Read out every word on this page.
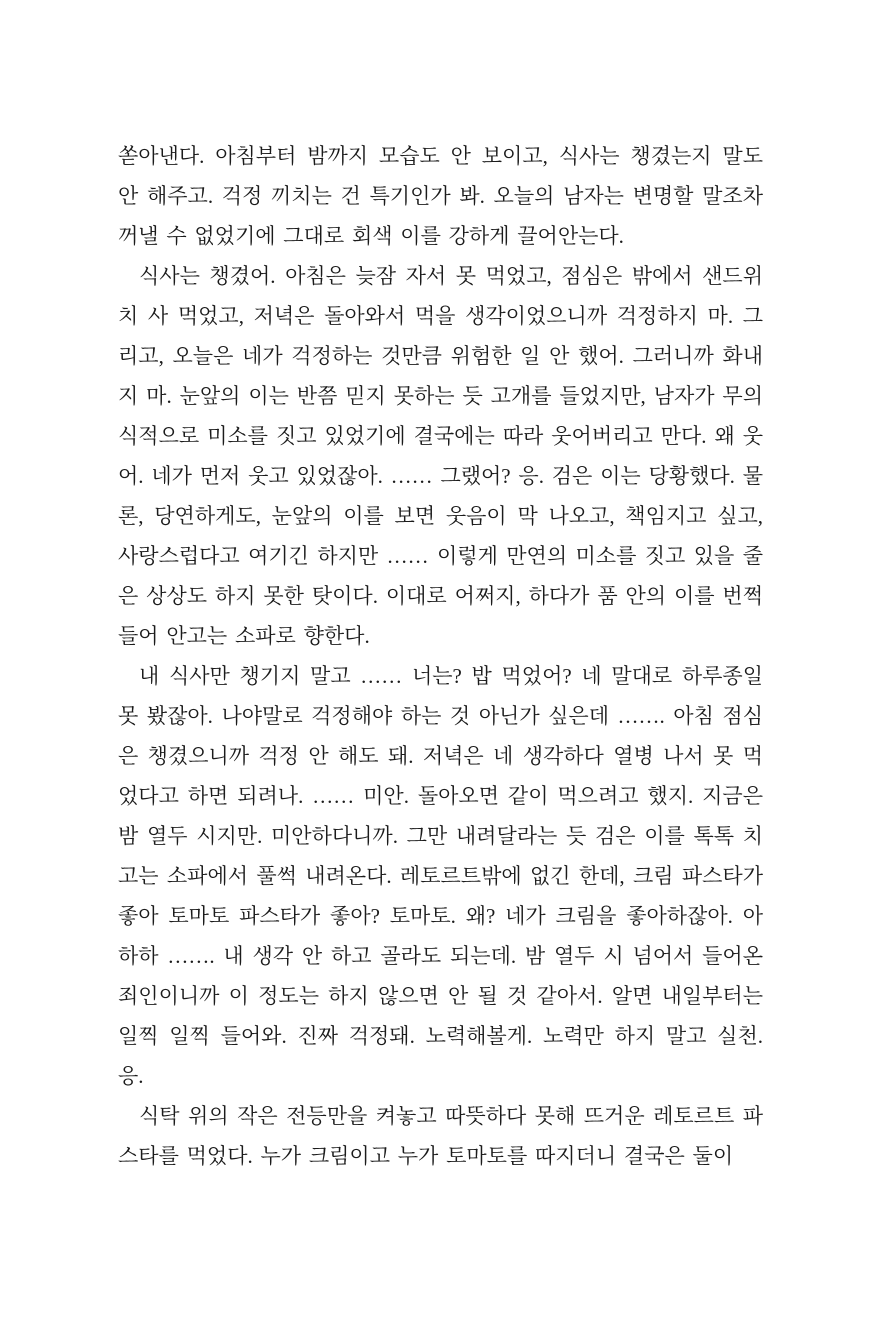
쏟아낸다. 아침부터 밤까지 모습도 안 보이고, 식사는 챙겼는지 말도 안 해주고. 걱정 끼치는 건 특기인가 봐. 오늘의 남자는 변명할 말조차 꺼낼 수 없었기에 그대로 회색 이를 강하게 끌어안는다.

식사는 챙겼어. 아침은 늦잠 자서 못 먹었고, 점심은 밖에서 샌드위치 사 먹었고, 저녁은 돌아와서 먹을 생각이었으니까 걱정하지 마. 그리고, 오늘은 네가 걱정하는 것만큼 위험한 일 안 했어. 그러니까 화내지 마. 눈앞의 이는 반쯤 믿지 못하는 듯 고개를 들었지만, 남자가 무의식적으로 미소를 짓고 있었기에 결국에는 따라 웃어버리고 만다. 왜 웃어. 네가 먼저 웃고 있었잖아. …… 그랬어? 응. 검은 이는 당황했다. 물론, 당연하게도, 눈앞의 이를 보면 웃음이 막 나오고, 책임지고 싶고, 사랑스럽다고 여기긴 하지만 …… 이렇게 만연의 미소를 짓고 있을 줄은 상상도 하지 못한 탓이다. 이대로 어쩌지, 하다가 품 안의 이를 번쩍 들어 안고는 소파로 향한다.

내 식사만 챙기지 말고 …… 너는? 밥 먹었어? 네 말대로 하루종일 못 봤잖아. 나야말로 걱정해야 하는 것 아닌가 싶은데 ……. 아침 점심은 챙겼으니까 걱정 안 해도 돼. 저녁은 네 생각하다 열병 나서 못 먹었다고 하면 되려나. …… 미안. 돌아오면 같이 먹으려고 했지. 지금은 밤 열두 시지만. 미안하다니까. 그만 내려달라는 듯 검은 이를 톡톡 치고는 소파에서 풀썩 내려온다. 레토르트밖에 없긴 한데, 크림 파스타가 좋아 토마토 파스타가 좋아? 토마토. 왜? 네가 크림을 좋아하잖아. 아하하 ……. 내 생각 안 하고 골라도 되는데. 밤 열두 시 넘어서 들어온 죄인이니까 이 정도는 하지 않으면 안 될 것 같아서. 알면 내일부터는 일찍 일찍 들어와. 진짜 걱정돼. 노력해볼게. 노력만 하지 말고 실천. 응.

식탁 위의 작은 전등만을 켜놓고 따뜻하다 못해 뜨거운 레토르트 파스타를 먹었다. 누가 크림이고 누가 토마토를 따지더니 결국은 둘이
